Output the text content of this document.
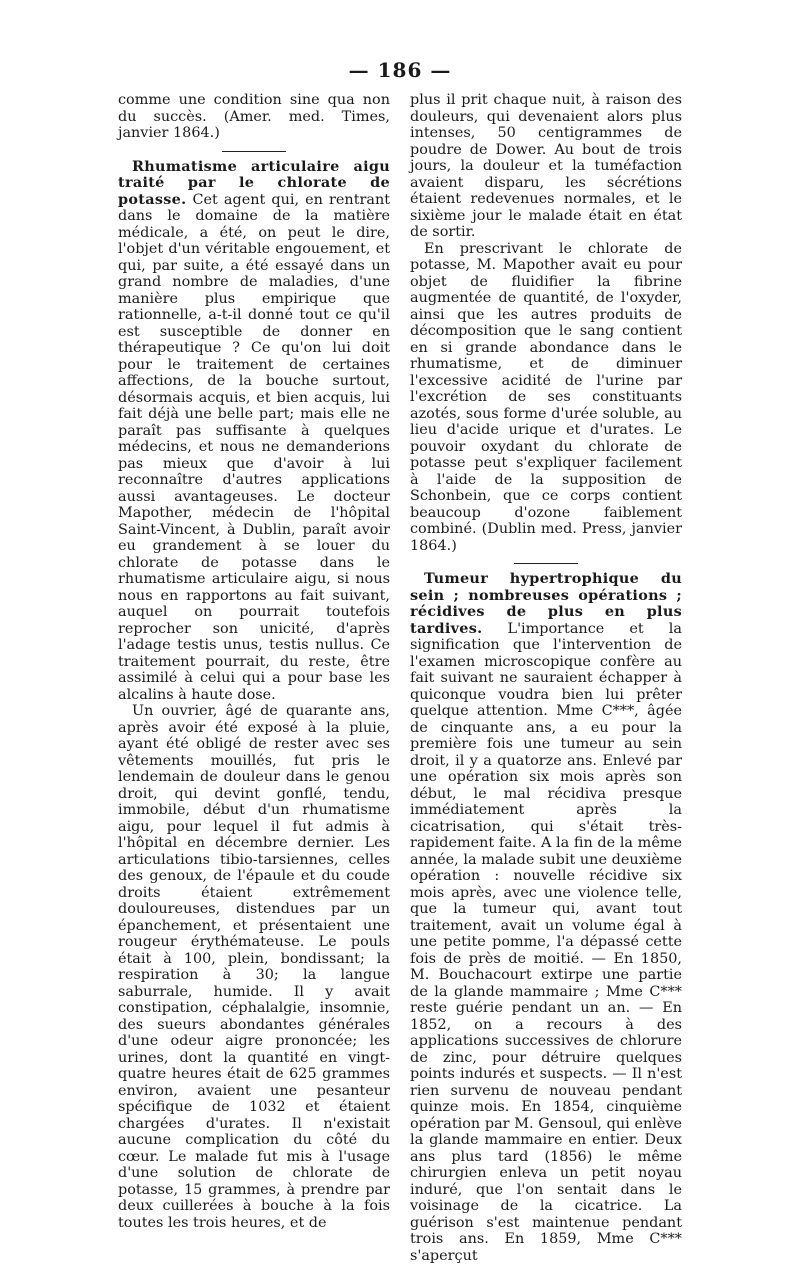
— 186 —

comme une condition sine qua non du succès. (Amer. med. Times, janvier 1864.)

Rhumatisme articulaire aigu traité par le chlorate de potasse. Cet agent qui, en rentrant dans le domaine de la matière médicale, a été, on peut le dire, l'objet d'un véritable engouement, et qui, par suite, a été essayé dans un grand nombre de maladies, d'une manière plus empirique que rationnelle, a-t-il donné tout ce qu'il est susceptible de donner en thérapeutique ? Ce qu'on lui doit pour le traitement de certaines affections, de la bouche surtout, désormais acquis, et bien acquis, lui fait déjà une belle part; mais elle ne paraît pas suffisante à quelques médecins, et nous ne demanderions pas mieux que d'avoir à lui reconnaître d'autres applications aussi avantageuses. Le docteur Mapother, médecin de l'hôpital Saint-Vincent, à Dublin, paraît avoir eu grandement à se louer du chlorate de potasse dans le rhumatisme articulaire aigu, si nous nous en rapportons au fait suivant, auquel on pourrait toutefois reprocher son unicité, d'après l'adage testis unus, testis nullus. Ce traitement pourrait, du reste, être assimilé à celui qui a pour base les alcalins à haute dose.

Un ouvrier, âgé de quarante ans, après avoir été exposé à la pluie, ayant été obligé de rester avec ses vêtements mouillés, fut pris le lendemain de douleur dans le genou droit, qui devint gonflé, tendu, immobile, début d'un rhumatisme aigu, pour lequel il fut admis à l'hôpital en décembre dernier. Les articulations tibio-tarsiennes, celles des genoux, de l'épaule et du coude droits étaient extrêmement douloureuses, distendues par un épanchement, et présentaient une rougeur érythémateuse. Le pouls était à 100, plein, bondissant; la respiration à 30; la langue saburrale, humide. Il y avait constipation, céphalalgie, insomnie, des sueurs abondantes générales d'une odeur aigre prononcée; les urines, dont la quantité en vingt-quatre heures était de 625 grammes environ, avaient une pesanteur spécifique de 1032 et étaient chargées d'urates. Il n'existait aucune complication du côté du cœur. Le malade fut mis à l'usage d'une solution de chlorate de potasse, 15 grammes, à prendre par deux cuillerées à bouche à la fois toutes les trois heures, et de

plus il prit chaque nuit, à raison des douleurs, qui devenaient alors plus intenses, 50 centigrammes de poudre de Dower. Au bout de trois jours, la douleur et la tuméfaction avaient disparu, les sécrétions étaient redevenues normales, et le sixième jour le malade était en état de sortir.

En prescrivant le chlorate de potasse, M. Mapother avait eu pour objet de fluidifier la fibrine augmentée de quantité, de l'oxyder, ainsi que les autres produits de décomposition que le sang contient en si grande abondance dans le rhumatisme, et de diminuer l'excessive acidité de l'urine par l'excrétion de ses constituants azotés, sous forme d'urée soluble, au lieu d'acide urique et d'urates. Le pouvoir oxydant du chlorate de potasse peut s'expliquer facilement à l'aide de la supposition de Schonbein, que ce corps contient beaucoup d'ozone faiblement combiné. (Dublin med. Press, janvier 1864.)

Tumeur hypertrophique du sein ; nombreuses opérations ; récidives de plus en plus tardives. L'importance et la signification que l'intervention de l'examen microscopique confère au fait suivant ne sauraient échapper à quiconque voudra bien lui prêter quelque attention. Mme C***, âgée de cinquante ans, a eu pour la première fois une tumeur au sein droit, il y a quatorze ans. Enlevé par une opération six mois après son début, le mal récidiva presque immédiatement après la cicatrisation, qui s'était très-rapidement faite. A la fin de la même année, la malade subit une deuxième opération : nouvelle récidive six mois après, avec une violence telle, que la tumeur qui, avant tout traitement, avait un volume égal à une petite pomme, l'a dépassé cette fois de près de moitié. — En 1850, M. Bouchacourt extirpe une partie de la glande mammaire ; Mme C*** reste guérie pendant un an. — En 1852, on a recours à des applications successives de chlorure de zinc, pour détruire quelques points indurés et suspects. — Il n'est rien survenu de nouveau pendant quinze mois. En 1854, cinquième opération par M. Gensoul, qui enlève la glande mammaire en entier. Deux ans plus tard (1856) le même chirurgien enleva un petit noyau induré, que l'on sentait dans le voisinage de la cicatrice. La guérison s'est maintenue pendant trois ans. En 1859, Mme C*** s'aperçut
